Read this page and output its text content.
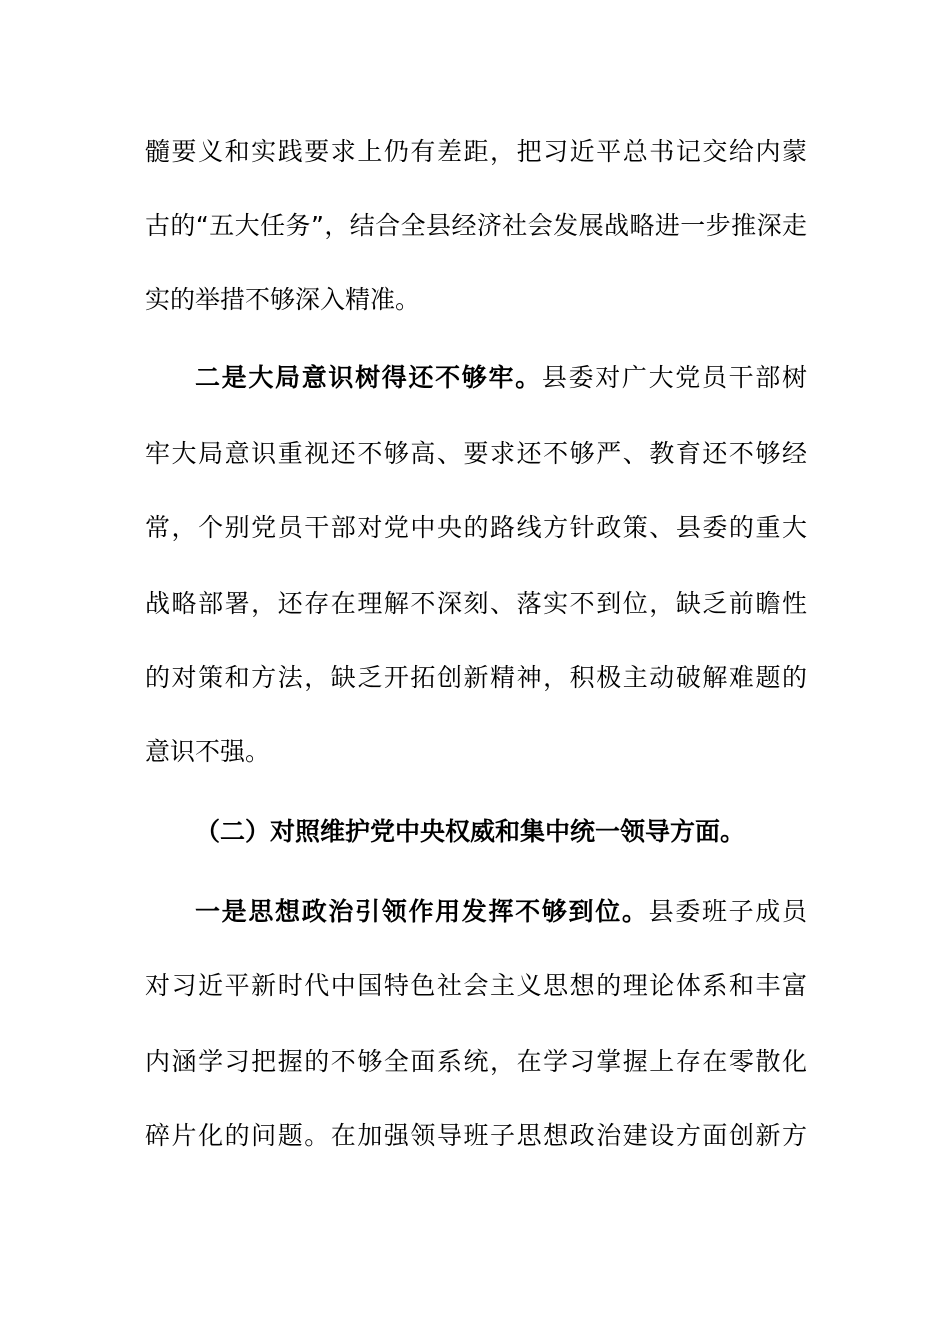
髓要义和实践要求上仍有差距，把习近平总书记交给内蒙
古的“五大任务”，结合全县经济社会发展战略进一步推深走
实的举措不够深入精准。
二是大局意识树得还不够牢。县委对广大党员干部树
牢大局意识重视还不够高、要求还不够严、教育还不够经
常，个别党员干部对党中央的路线方针政策、县委的重大
战略部署，还存在理解不深刻、落实不到位，缺乏前瞻性
的对策和方法，缺乏开拓创新精神，积极主动破解难题的
意识不强。
（二）对照维护党中央权威和集中统一领导方面。
一是思想政治引领作用发挥不够到位。县委班子成员
对习近平新时代中国特色社会主义思想的理论体系和丰富
内涵学习把握的不够全面系统，在学习掌握上存在零散化
碎片化的问题。在加强领导班子思想政治建设方面创新方
